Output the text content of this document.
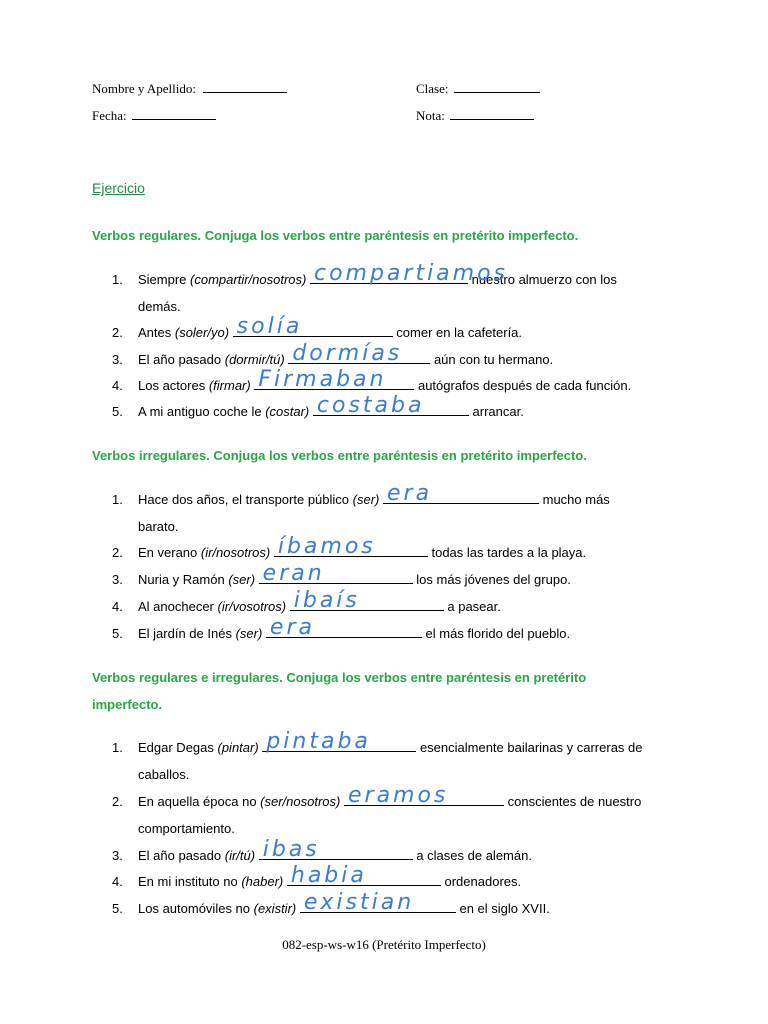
Nombre y Apellido:	Clase:
Fecha:	Nota:
Ejercicio
Verbos regulares. Conjuga los verbos entre paréntesis en pretérito imperfecto.
1. Siempre (compartir/nosotros) compartiamos
nuestro almuerzo con los
demás.
2. Antes (soler/yo) solía	comer en la cafetería.
3. El año pasado (dormir/tú) dormías aún con tu hermano.
4. Los actores (firmar) Firmaban autógrafos después de cada función.
5. A mi antiguo coche le (costar) costaba	arrancar.
Verbos irregulares. Conjuga los verbos entre paréntesis en pretérito imperfecto.
1. Hace dos años, el transporte público (ser) era	mucho más
barato.
2. En verano (ir/nosotros) íbamos	todas las tardes a la playa.
3. Nuria y Ramón (ser) eran	los más jóvenes del grupo.
4. Al anochecer (ir/vosotros) ibaís	a pasear.
5. El jardín de Inés (ser) era	el más florido del pueblo.
Verbos regulares e irregulares. Conjuga los verbos entre paréntesis en pretérito imperfecto.
1. Edgar Degas (pintar) pintaba	esencialmente bailarinas y carreras de
caballos.
2. En aquella época no (ser/nosotros) eramos	conscientes de nuestro
comportamiento.
3. El año pasado (ir/tú) ibas	a clases de alemán.
4. En mi instituto no (haber) habia	ordenadores.
5. Los automóviles no (existir) existian	en el siglo XVII.
082-esp-ws-w16 (Pretérito Imperfecto)
